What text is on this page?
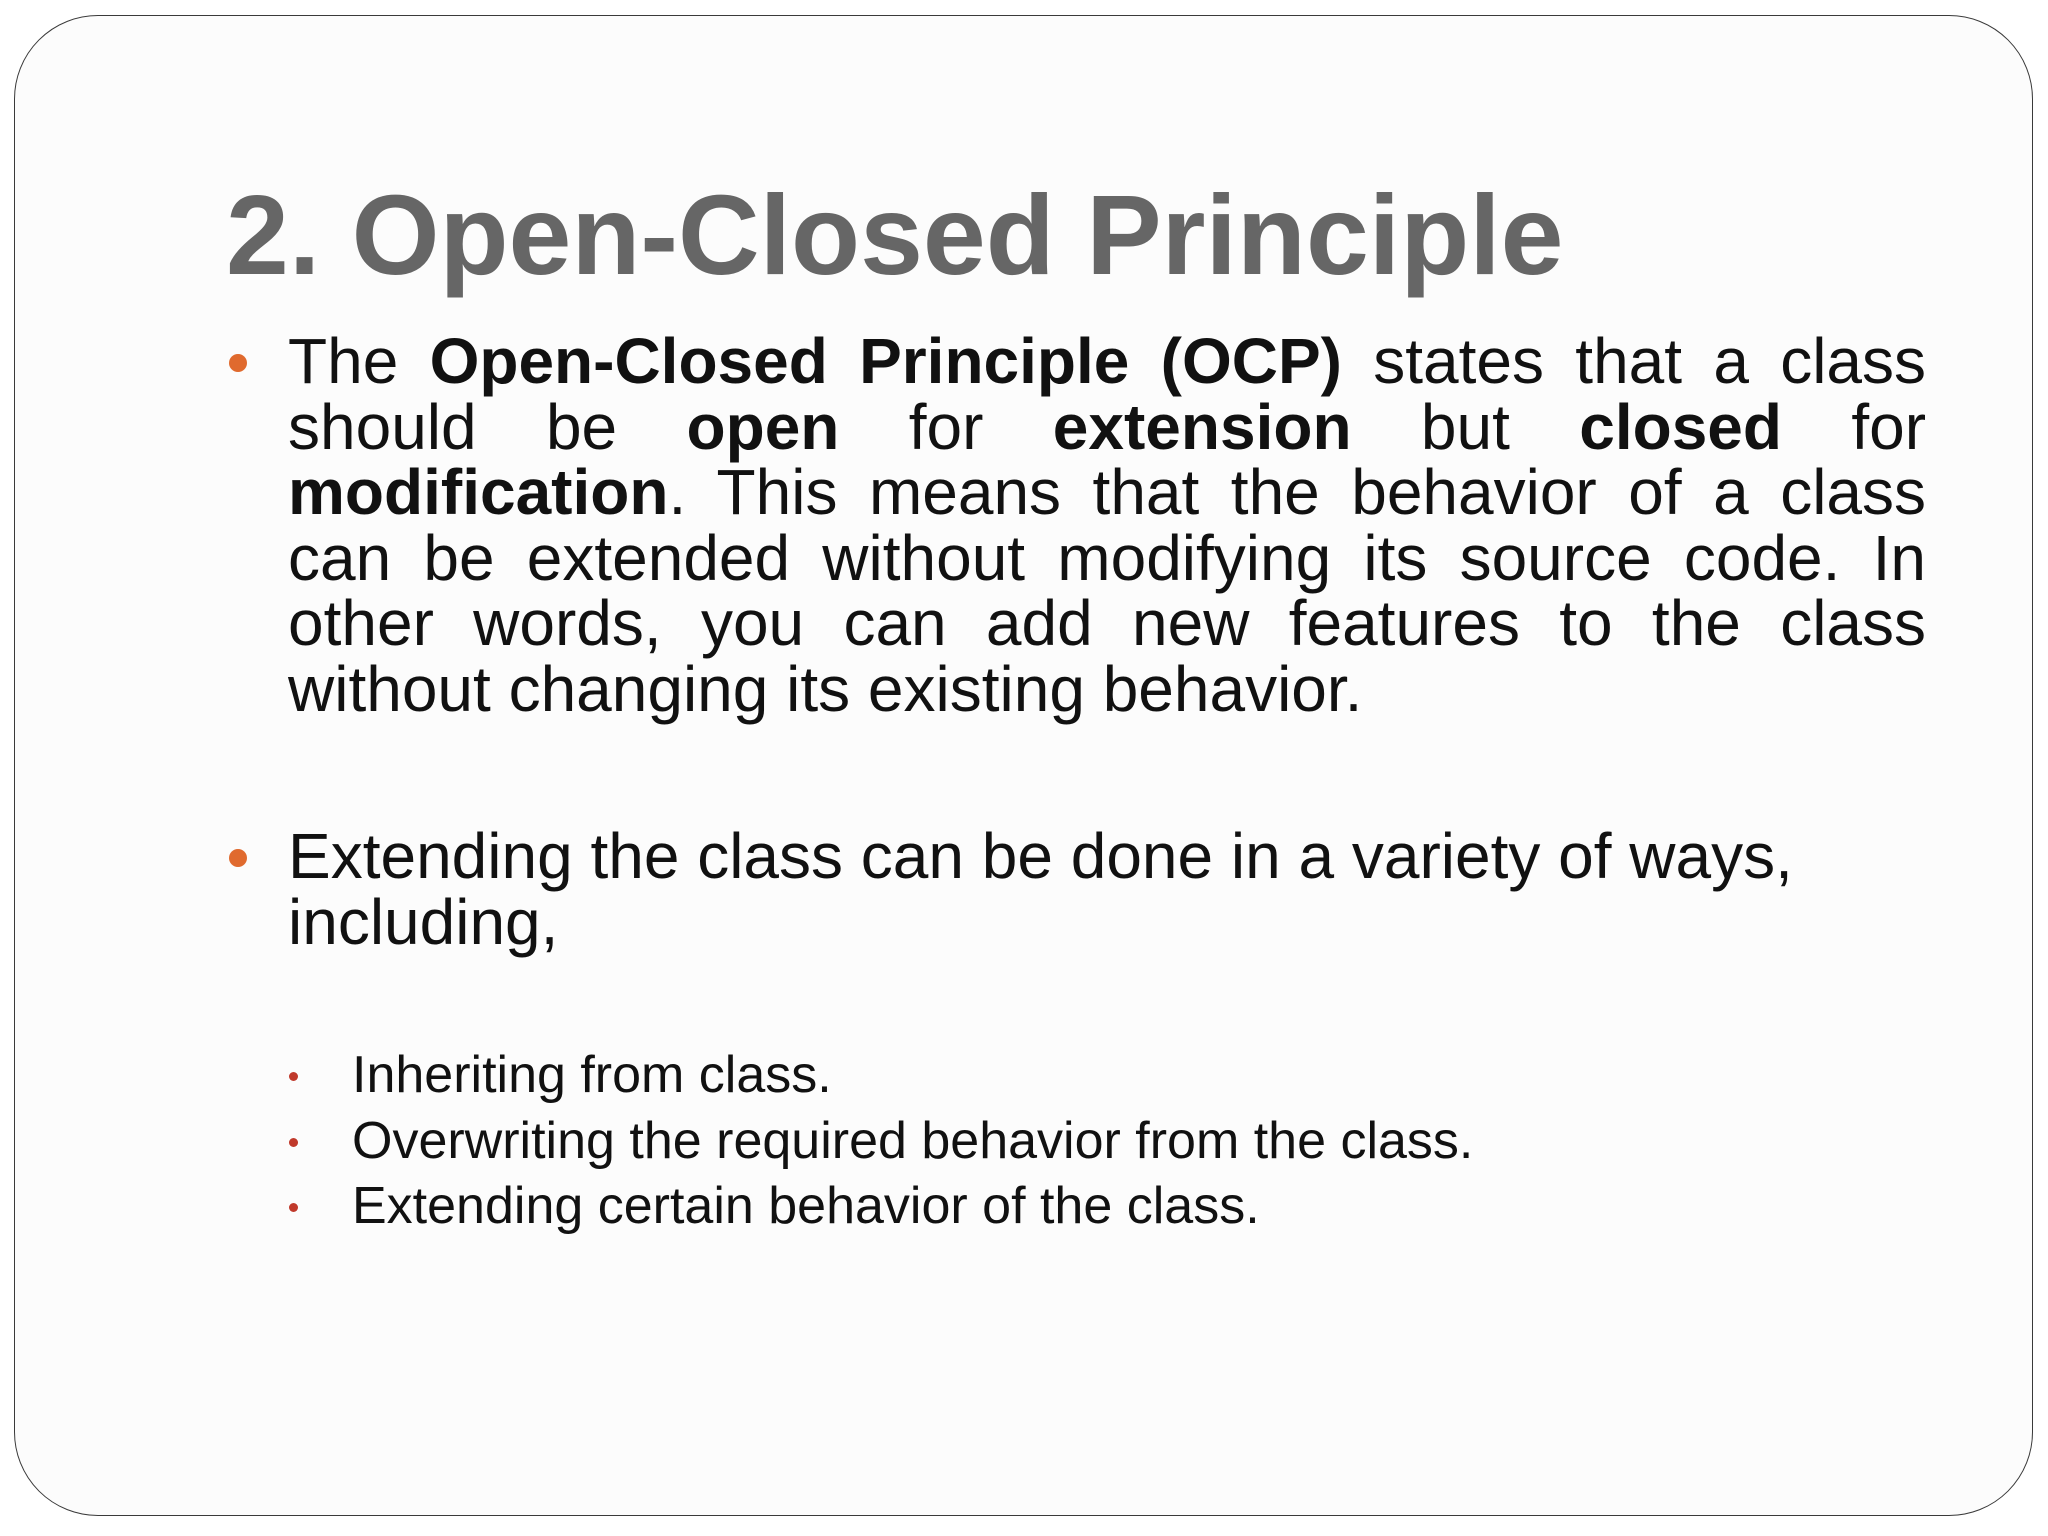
2. Open-Closed Principle
The Open-Closed Principle (OCP) states that a class should be open for extension but closed for modification. This means that the behavior of a class can be extended without modifying its source code. In other words, you can add new features to the class without changing its existing behavior.
Extending the class can be done in a variety of ways, including,
Inheriting from class.
Overwriting the required behavior from the class.
Extending certain behavior of the class.
